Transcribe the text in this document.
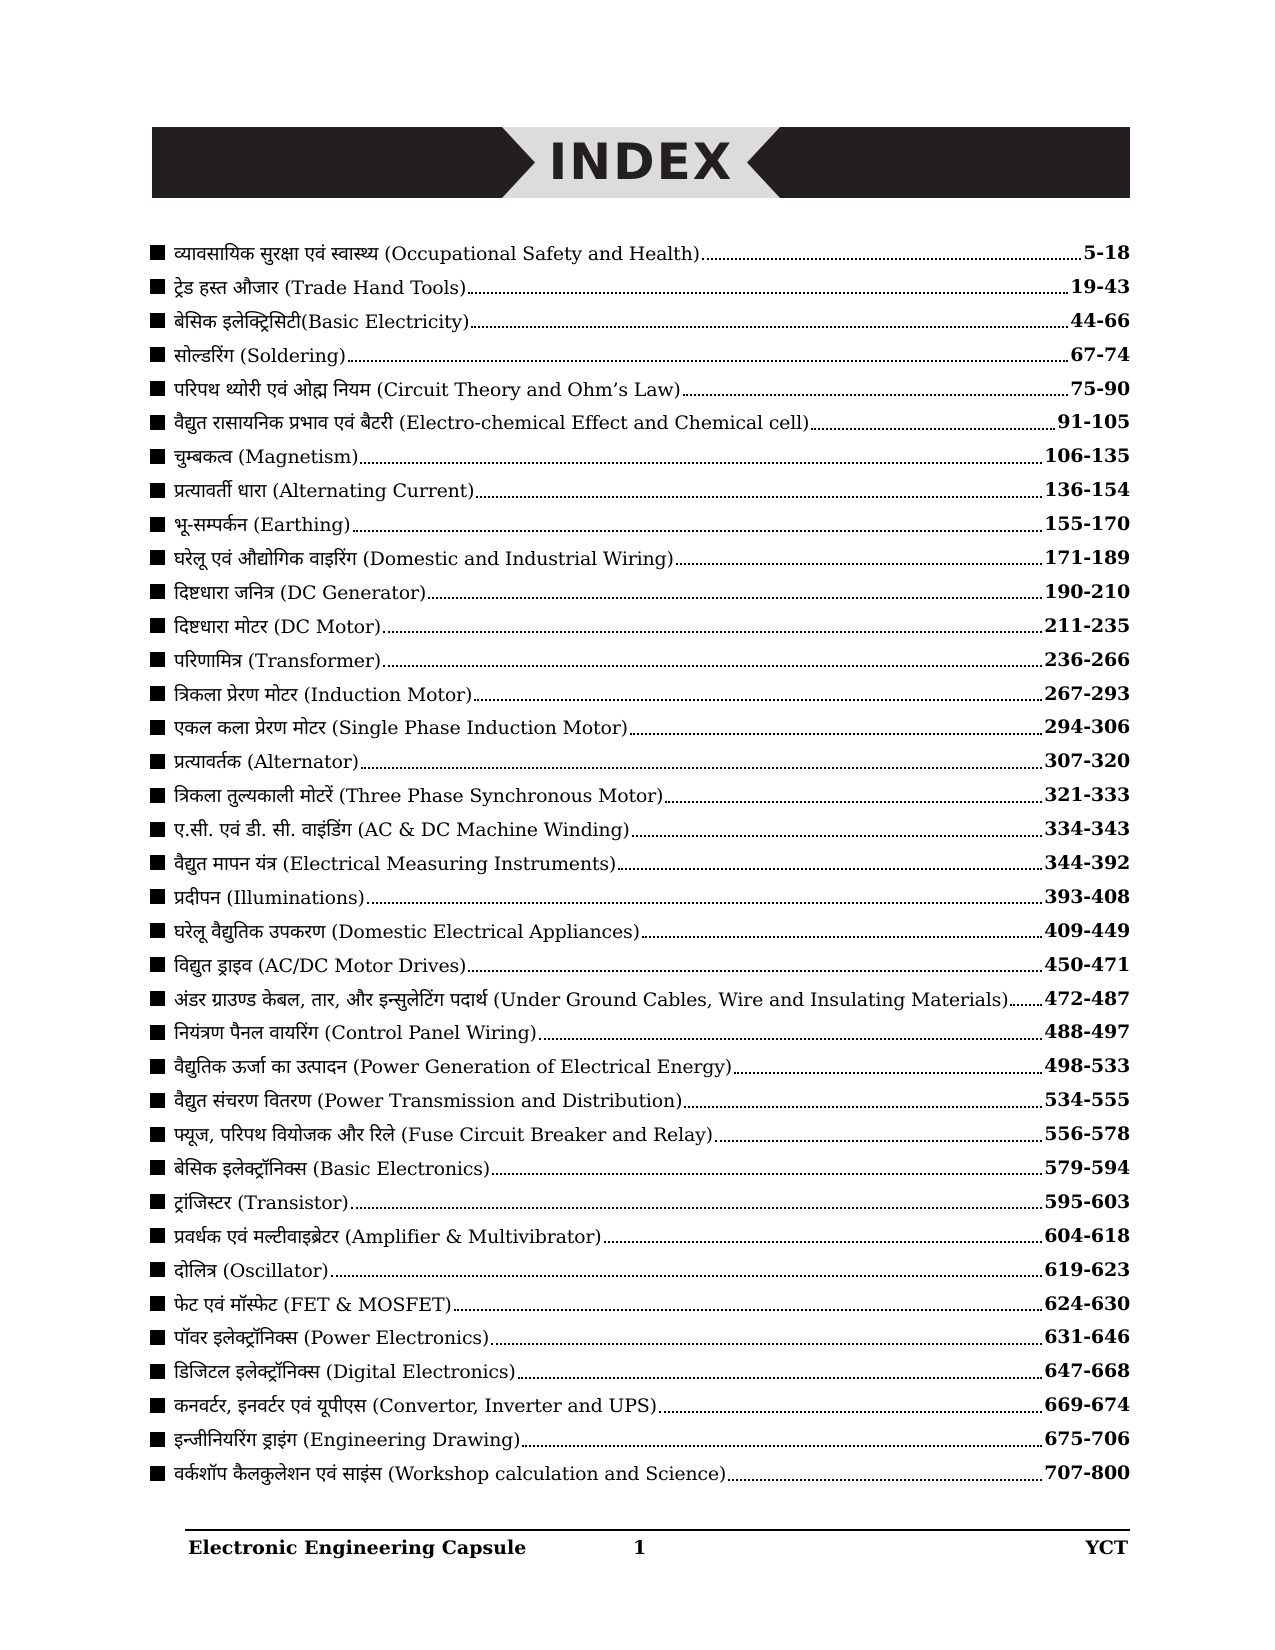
INDEX
व्यावसायिक सुरक्षा एवं स्वास्थ्य (Occupational Safety and Health)	5-18
ट्रेड हस्त औजार (Trade Hand Tools)	19-43
बेसिक इलेक्ट्रिसिटी(Basic Electricity)	44-66
सोल्डरिंग (Soldering)	67-74
परिपथ थ्योरी एवं ओह्म नियम (Circuit Theory and Ohm’s Law)	75-90
वैद्युत रासायनिक प्रभाव एवं बैटरी (Electro-chemical Effect and Chemical cell)	91-105
चुम्बकत्व (Magnetism)	106-135
प्रत्यावर्ती धारा (Alternating Current)	136-154
भू-सम्पर्कन (Earthing)	155-170
घरेलू एवं औद्योगिक वाइरिंग (Domestic and Industrial Wiring)	171-189
दिष्टधारा जनित्र (DC Generator)	190-210
दिष्टधारा मोटर (DC Motor)	211-235
परिणामित्र (Transformer)	236-266
त्रिकला प्रेरण मोटर (Induction Motor)	267-293
एकल कला प्रेरण मोटर (Single Phase Induction Motor)	294-306
प्रत्यावर्तक (Alternator)	307-320
त्रिकला तुल्यकाली मोटरें (Three Phase Synchronous Motor)	321-333
ए.सी. एवं डी. सी. वाइंडिंग (AC & DC Machine Winding)	334-343
वैद्युत मापन यंत्र (Electrical Measuring Instruments)	344-392
प्रदीपन (Illuminations)	393-408
घरेलू वैद्युतिक उपकरण (Domestic Electrical Appliances)	409-449
विद्युत ड्राइव (AC/DC Motor Drives)	450-471
अंडर ग्राउण्ड केबल, तार, और इन्सुलेटिंग पदार्थ (Under Ground Cables, Wire and Insulating Materials) 472-487
नियंत्रण पैनल वायरिंग (Control Panel Wiring)	488-497
वैद्युतिक ऊर्जा का उत्पादन (Power Generation of Electrical Energy)	498-533
वैद्युत संचरण वितरण (Power Transmission and Distribution)	534-555
फ्यूज, परिपथ वियोजक और रिले (Fuse Circuit Breaker and Relay)	556-578
बेसिक इलेक्ट्रॉनिक्स (Basic Electronics)	579-594
ट्रांजिस्टर (Transistor)	595-603
प्रवर्धक एवं मल्टीवाइब्रेटर (Amplifier & Multivibrator)	604-618
दोलित्र (Oscillator)	619-623
फेट एवं मॉस्फेट (FET & MOSFET)	624-630
पॉवर इलेक्ट्रॉनिक्स (Power Electronics)	631-646
डिजिटल इलेक्ट्रॉनिक्स (Digital Electronics)	647-668
कनवर्टर, इनवर्टर एवं यूपीएस (Convertor, Inverter and UPS)	669-674
इन्जीनियरिंग ड्राइंग (Engineering Drawing)	675-706
वर्कशॉप कैलकुलेशन एवं साइंस (Workshop calculation and Science)	707-800
Electronic Engineering Capsule	1	YCT
